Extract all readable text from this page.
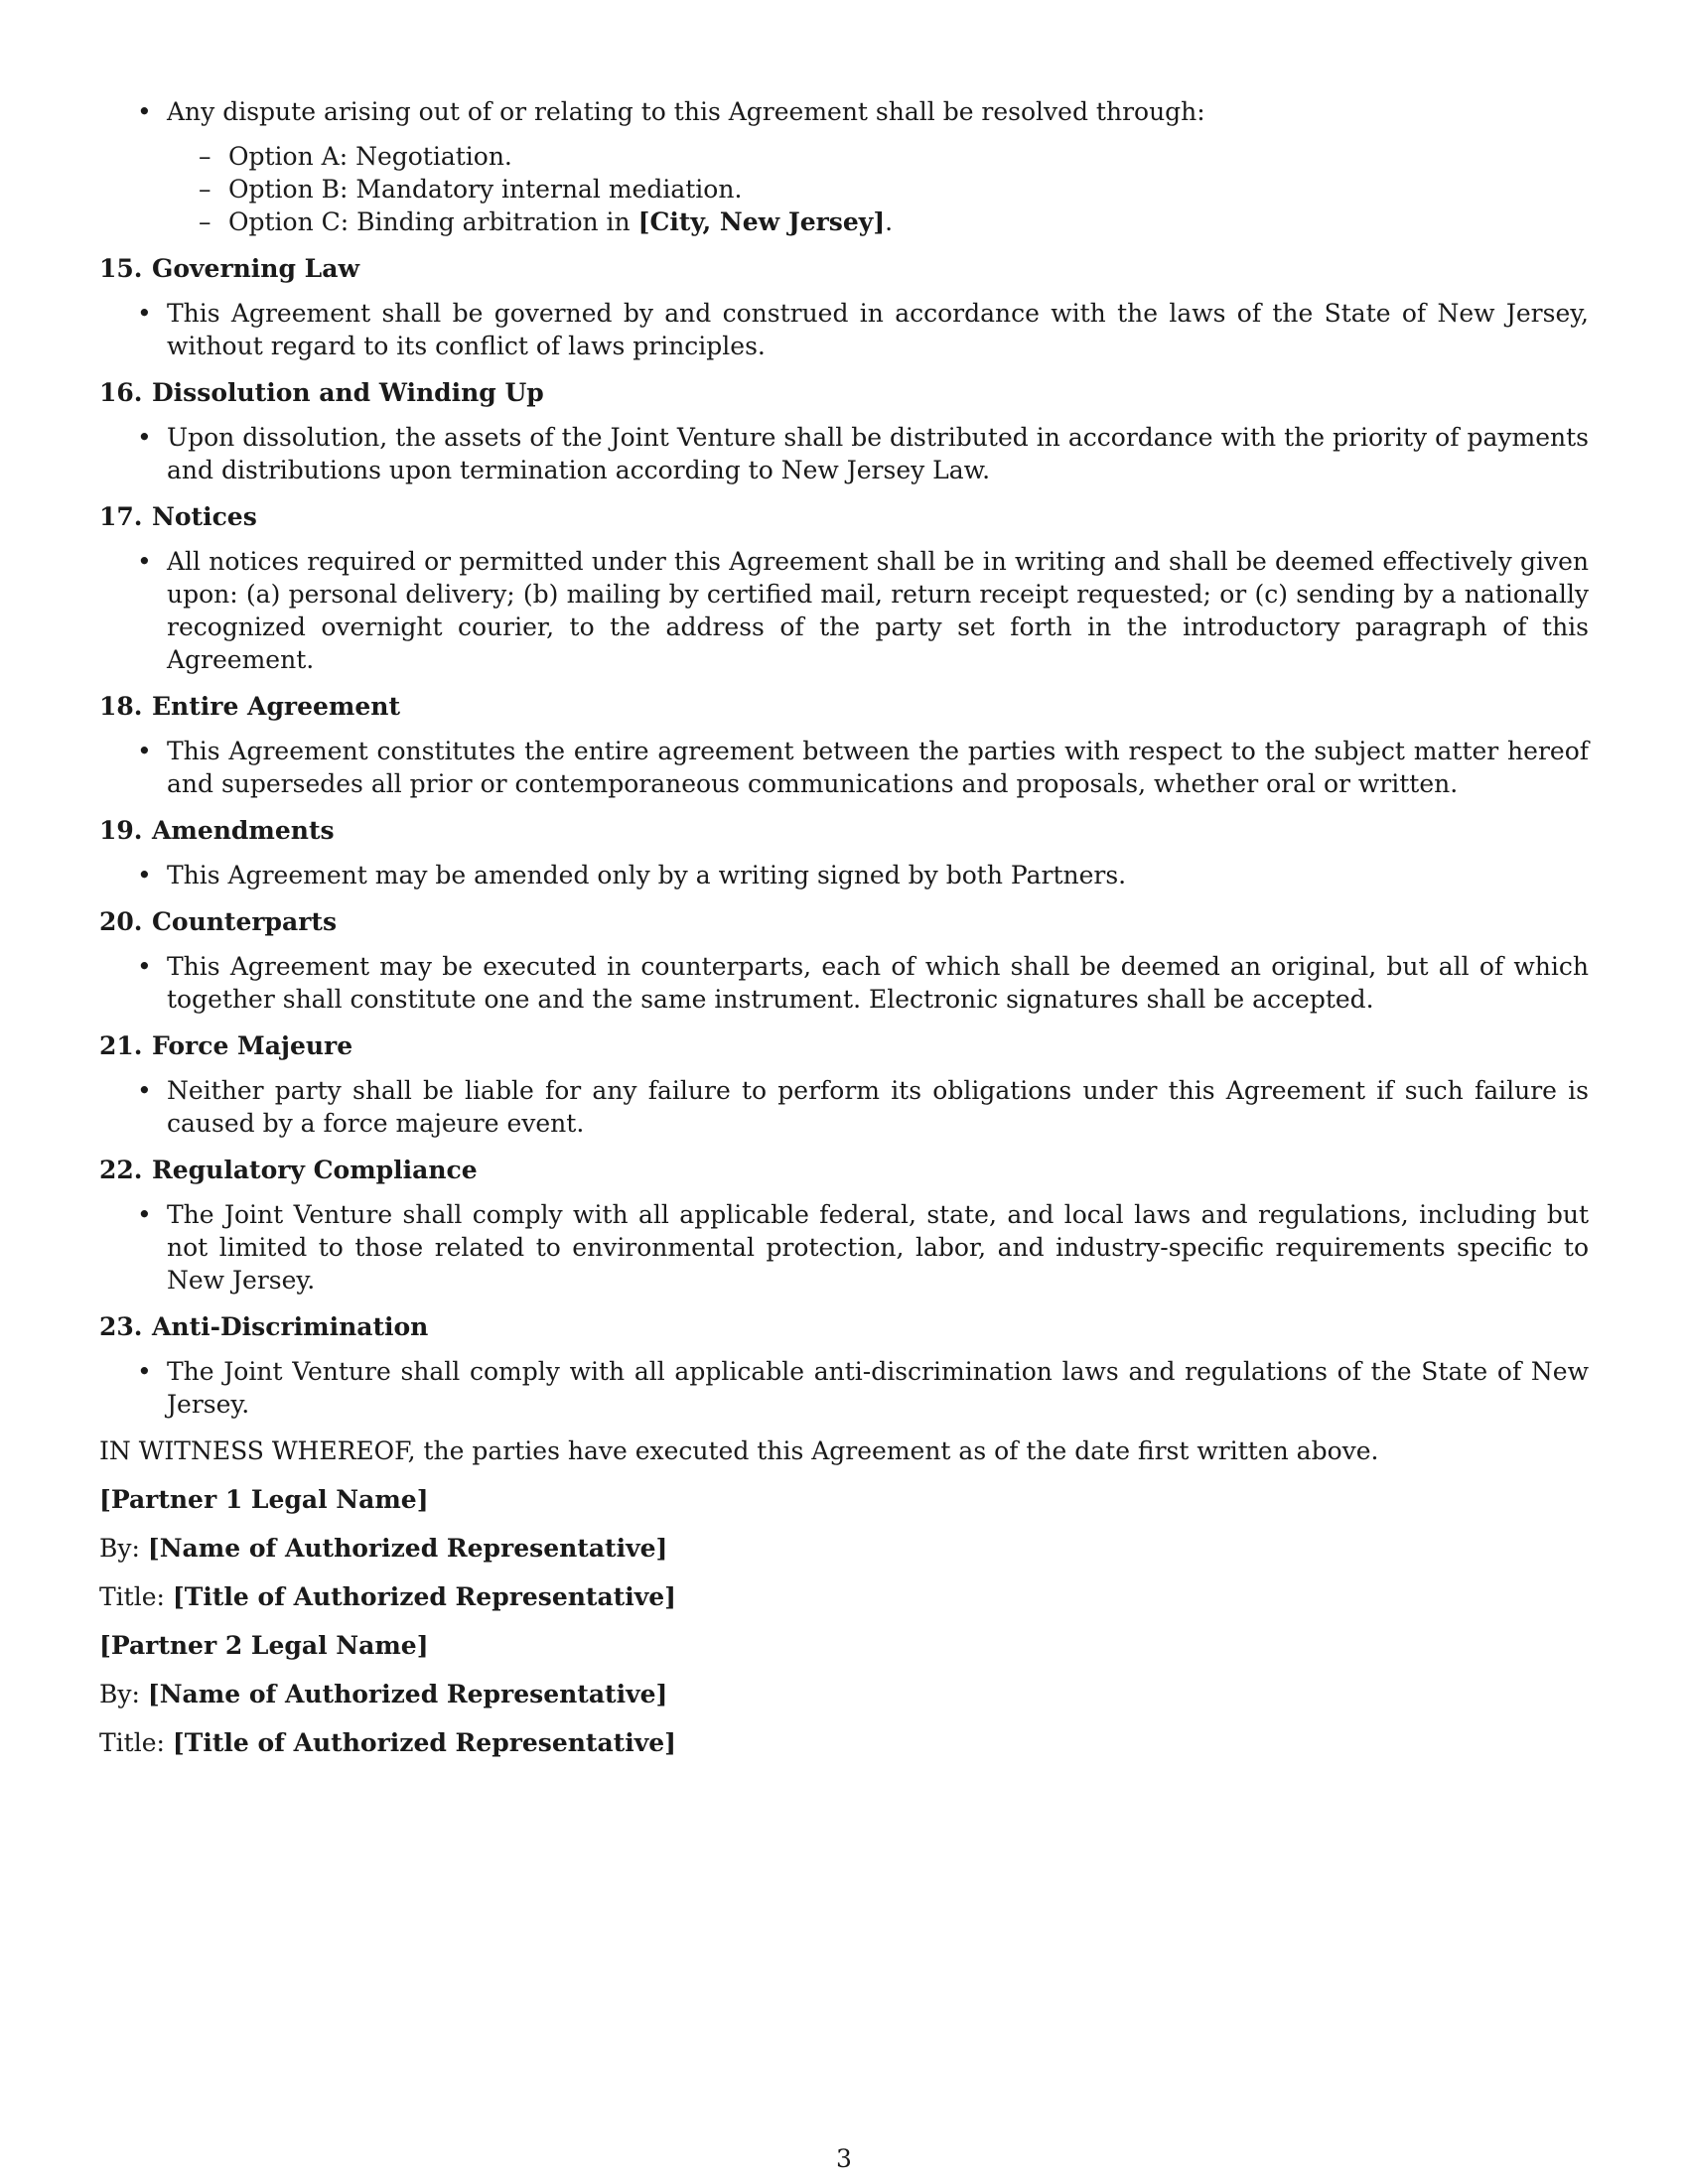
• Any dispute arising out of or relating to this Agreement shall be resolved through:

– Option A: Negotiation.
– Option B: Mandatory internal mediation.
– Option C: Binding arbitration in [City, New Jersey].

15. Governing Law

• This Agreement shall be governed by and construed in accordance with the laws of the State of New Jersey, without regard to its conflict of laws principles.

16. Dissolution and Winding Up

• Upon dissolution, the assets of the Joint Venture shall be distributed in accordance with the priority of payments and distributions upon termination according to New Jersey Law.

17. Notices

• All notices required or permitted under this Agreement shall be in writing and shall be deemed effectively given upon: (a) personal delivery; (b) mailing by certified mail, return receipt requested; or (c) sending by a nationally recognized overnight courier, to the address of the party set forth in the introductory paragraph of this Agreement.

18. Entire Agreement

• This Agreement constitutes the entire agreement between the parties with respect to the subject matter hereof and supersedes all prior or contemporaneous communications and proposals, whether oral or written.

19. Amendments

• This Agreement may be amended only by a writing signed by both Partners.

20. Counterparts

• This Agreement may be executed in counterparts, each of which shall be deemed an original, but all of which together shall constitute one and the same instrument. Electronic signatures shall be accepted.

21. Force Majeure

• Neither party shall be liable for any failure to perform its obligations under this Agreement if such failure is caused by a force majeure event.

22. Regulatory Compliance

• The Joint Venture shall comply with all applicable federal, state, and local laws and regulations, including but not limited to those related to environmental protection, labor, and industry-specific requirements specific to New Jersey.

23. Anti-Discrimination

• The Joint Venture shall comply with all applicable anti-discrimination laws and regulations of the State of New Jersey.

IN WITNESS WHEREOF, the parties have executed this Agreement as of the date first written above.

[Partner 1 Legal Name]

By: [Name of Authorized Representative]

Title: [Title of Authorized Representative]

[Partner 2 Legal Name]

By: [Name of Authorized Representative]

Title: [Title of Authorized Representative]

3
